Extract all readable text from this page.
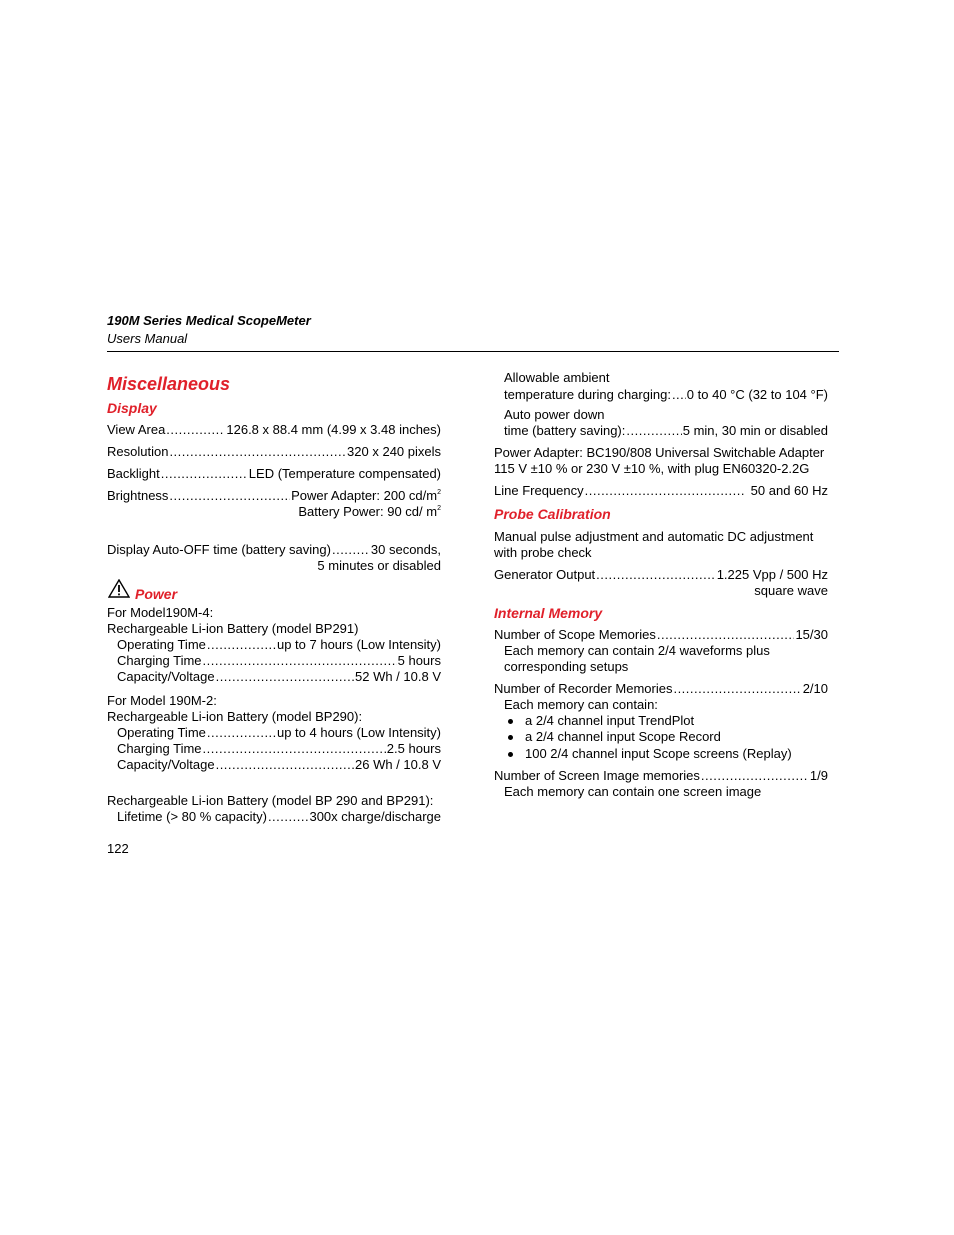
190M Series Medical ScopeMeter
Users Manual
Miscellaneous
Display
View Area .....	126.8 x 88.4 mm (4.99 x 3.48 inches)
Resolution .....	320 x 240 pixels
Backlight .....	LED (Temperature compensated)
Brightness .....	Power Adapter: 200 $cd/m^2$
Battery Power: 90 cd/ $m^2$
Display Auto-OFF time (battery saving) .....	30 seconds,
5 minutes or disabled
Power
For Model190M-4:
Rechargeable Li-ion Battery (model BP291)
Operating Time .....	up to 7 hours (Low Intensity)
Charging Time .....	5 hours
Capacity/Voltage .....	52 Wh / 10.8 V
For Model 190M-2:
Rechargeable Li-ion Battery (model BP290):
Operating Time .....	up to 4 hours (Low Intensity)
Charging Time .....	2.5 hours
Capacity/Voltage .....	26 Wh / 10.8 V
Rechargeable Li-ion Battery (model BP 290 and BP291):
Lifetime (> 80 % capacity) .....	300x charge/discharge
122
Allowable ambient
temperature during charging: ..... 0 to 40 °C (32 to 104 °F)
Auto power down
time (battery saving): .....	5 min, 30 min or disabled
Power Adapter: BC190/808 Universal Switchable Adapter
115 V ±10 % or 230 V ±10 %, with plug EN60320-2.2G
Line Frequency .....	50 and 60 Hz
Probe Calibration
Manual pulse adjustment and automatic DC adjustment
with probe check
Generator Output .....	1.225 Vpp / 500 Hz
square wave
Internal Memory
Number of Scope Memories .....	15/30
Each memory can contain 2/4 waveforms plus
corresponding setups
Number of Recorder Memories .....	2/10
Each memory can contain:
a 2/4 channel input TrendPlot
a 2/4 channel input Scope Record
100 2/4 channel input Scope screens (Replay)
Number of Screen Image memories .....	1/9
Each memory can contain one screen image
